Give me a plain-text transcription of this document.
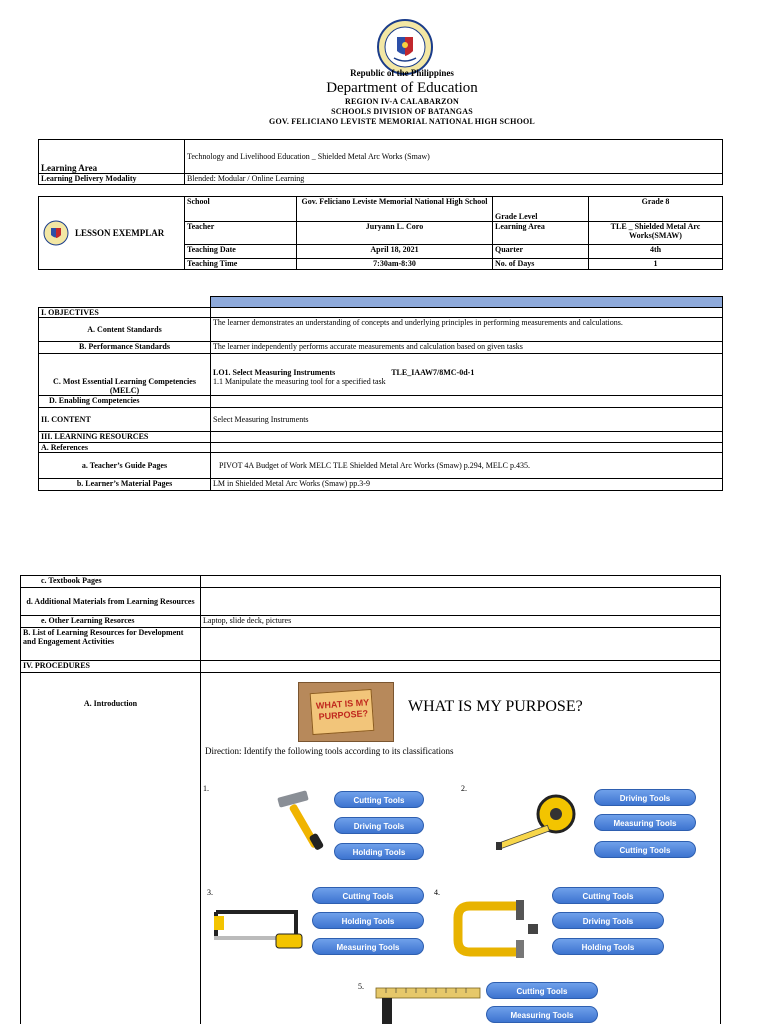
Republic of the Philippines
Department of Education
REGION IV-A CALABARZON
SCHOOLS DIVISION OF BATANGAS
GOV. FELICIANO LEVISTE MEMORIAL NATIONAL HIGH SCHOOL
Learning Area	Technology and Livelihood Education _ Shielded Metal Arc Works (Smaw)
Learning Delivery Modality	Blended: Modular / Online Learning
LESSON EXEMPLAR	School	Gov. Feliciano Leviste Memorial National High School	Grade Level	Grade 8
	Teacher	Juryann L. Coro	Learning Area	TLE _ Shielded Metal Arc Works(SMAW)
	Teaching Date	April 18, 2021	Quarter	4th
	Teaching Time	7:30am-8:30	No. of Days	1

I. OBJECTIVES	
A. Content Standards	The learner demonstrates an understanding of concepts and underlying principles in performing measurements and calculations.
B. Performance Standards	The learner independently performs accurate measurements and calculation based on given tasks
C. Most Essential Learning Competencies (MELC)	LO1. Select Measuring Instruments TLE_IAAW7/8MC-0d-1
1.1 Manipulate the measuring tool for a specified task

D. Enabling Competencies	
II. CONTENT	Select Measuring Instruments
III. LEARNING RESOURCES	
A. References	
a. Teacher’s Guide Pages	PIVOT 4A Budget of Work MELC TLE Shielded Metal Arc Works (Smaw) p.294, MELC p.435.
b. Learner’s Material Pages	LM in Shielded Metal Arc Works (Smaw) pp.3-9
c. Textbook Pages	
d. Additional Materials from Learning Resources	
e. Other Learning Resorces	Laptop, slide deck, pictures
B. List of Learning Resources for Development and Engagement Activities	
IV. PROCEDURES	
A. Introduction		WHAT IS MY
PURPOSE?	WHAT IS MY PURPOSE?
Direction: Identify the following tools according to its classifications
1.
Cutting Tools
Driving Tools
Holding Tools
2.
Driving Tools
Measuring Tools
Cutting Tools
3.	Cutting Tools
Holding Tools
Measuring Tools
4.	Cutting Tools
Driving Tools
Holding Tools
5.
Cutting Tools
Measuring Tools
